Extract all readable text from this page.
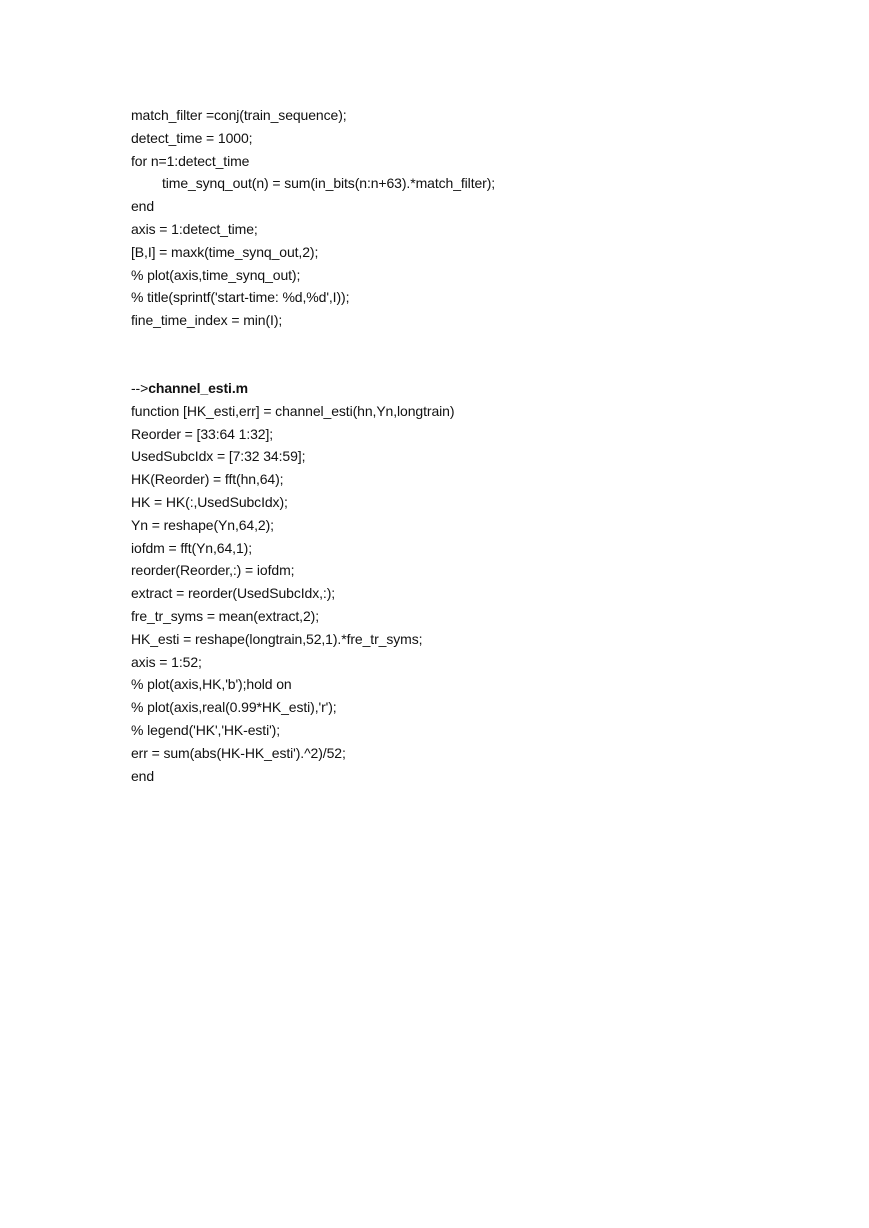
match_filter =conj(train_sequence);
detect_time = 1000;
for n=1:detect_time
time_synq_out(n) = sum(in_bits(n:n+63).*match_filter);
end
axis = 1:detect_time;
[B,I] = maxk(time_synq_out,2);
% plot(axis,time_synq_out);
% title(sprintf('start-time: %d,%d',I));
fine_time_index = min(I);
-->channel_esti.m
function [HK_esti,err] = channel_esti(hn,Yn,longtrain)
Reorder = [33:64 1:32];
UsedSubcIdx = [7:32 34:59];
HK(Reorder) = fft(hn,64);
HK = HK(:,UsedSubcIdx);
Yn = reshape(Yn,64,2);
iofdm = fft(Yn,64,1);
reorder(Reorder,:) = iofdm;
extract = reorder(UsedSubcIdx,:);
fre_tr_syms = mean(extract,2);
HK_esti = reshape(longtrain,52,1).*fre_tr_syms;
axis = 1:52;
% plot(axis,HK,'b');hold on
% plot(axis,real(0.99*HK_esti),'r');
% legend('HK','HK-esti');
err = sum(abs(HK-HK_esti').^2)/52;
end
